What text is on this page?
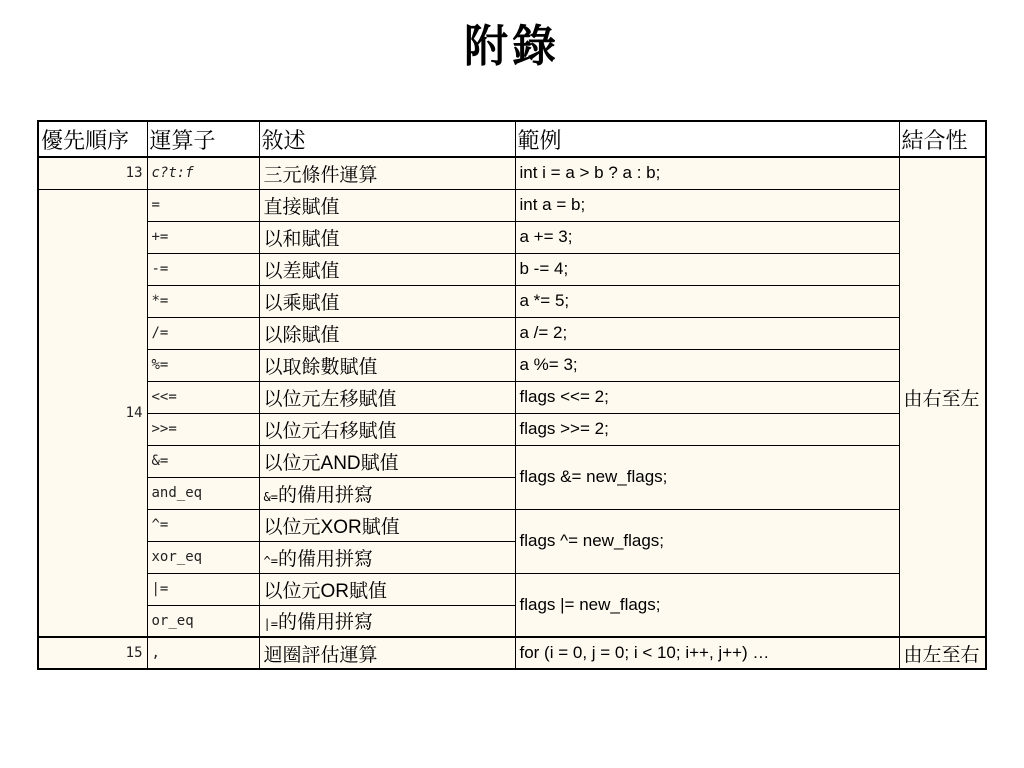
附錄
優先順序	運算子	敘述	範例	結合性
13	c?t:f	三元條件運算	int i = a > b ? a : b;	由右至左
14	=	直接賦值	int a = b;	
	+=	以和賦值	a += 3;	
	-=	以差賦值	b -= 4;	
	*=	以乘賦值	a *= 5;	
	/=	以除賦值	a /= 2;	
	%=	以取餘數賦值	a %= 3;	
	<<=	以位元左移賦值	flags <<= 2;	
	>>=	以位元右移賦值	flags >>= 2;	
	&=	以位元AND賦值	flags &= new_flags;	
	and_eq	&=的備用拼寫		
	^=	以位元XOR賦值	flags ^= new_flags;	
	xor_eq	^=的備用拼寫		
	|=	以位元OR賦值	flags |= new_flags;	
	or_eq	|=的備用拼寫		
15	,	迴圈評估運算	for (i = 0, j = 0; i < 10; i++, j++) …	由左至右
